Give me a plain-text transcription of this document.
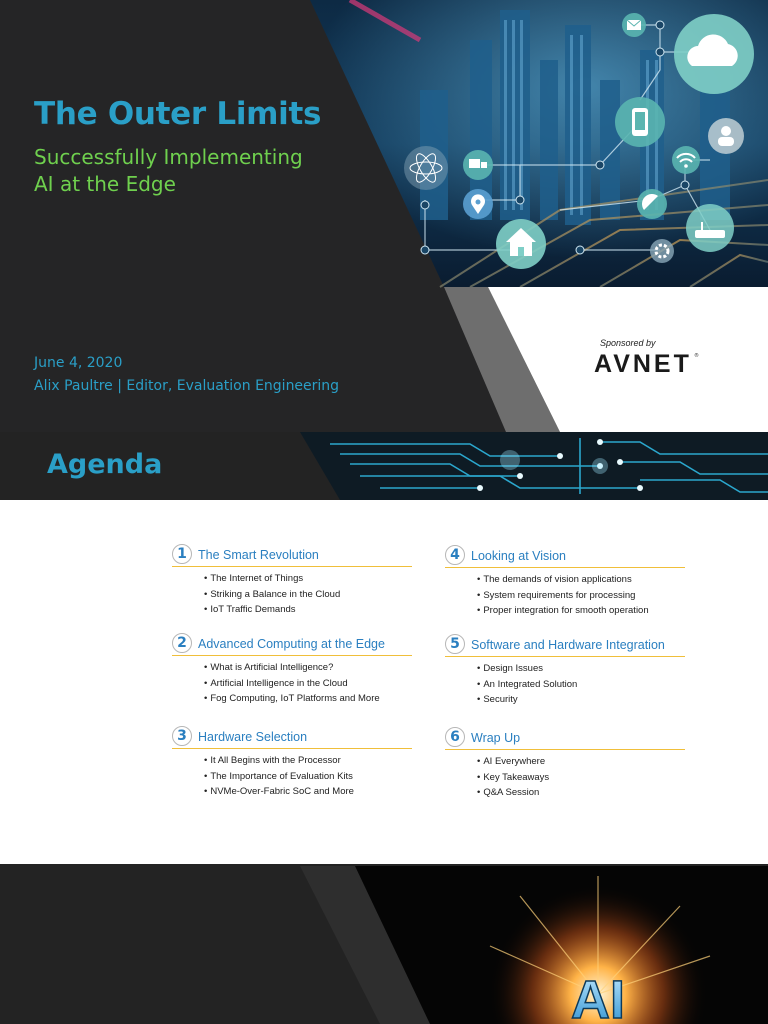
The Outer Limits
Successfully Implementing
AI at the Edge
June 4, 2020
Alix Paultre | Editor, Evaluation Engineering
Sponsored by
AVNET ®
Agenda
1 The Smart Revolution
• The Internet of Things
• Striking a Balance in the Cloud
• IoT Traffic Demands
2 Advanced Computing at the Edge
• What is Artificial Intelligence?
• Artificial Intelligence in the Cloud
• Fog Computing, IoT Platforms and More
3 Hardware Selection
• It All Begins with the Processor
• The Importance of Evaluation Kits
• NVMe-Over-Fabric SoC and More
4 Looking at Vision
• The demands of vision applications
• System requirements for processing
• Proper integration for smooth operation
5 Software and Hardware Integration
• Design Issues
• An Integrated Solution
• Security
6 Wrap Up
• AI Everywhere
• Key Takeaways
• Q&A Session
AI
